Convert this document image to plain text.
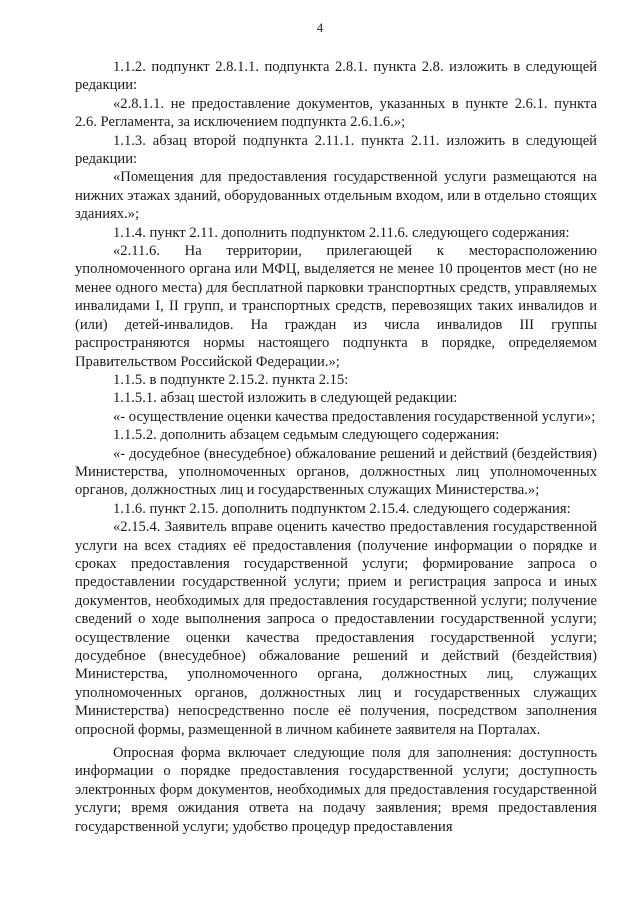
4

1.1.2. подпункт 2.8.1.1. подпункта 2.8.1. пункта 2.8. изложить в следующей редакции:

«2.8.1.1. не предоставление документов, указанных в пункте 2.6.1. пункта 2.6. Регламента, за исключением подпункта 2.6.1.6.»;

1.1.3. абзац второй подпункта 2.11.1. пункта 2.11. изложить в следующей редакции:

«Помещения для предоставления государственной услуги размещаются на нижних этажах зданий, оборудованных отдельным входом, или в отдельно стоящих зданиях.»;

1.1.4. пункт 2.11. дополнить подпунктом 2.11.6. следующего содержания:

«2.11.6. На территории, прилегающей к месторасположению уполномоченного органа или МФЦ, выделяется не менее 10 процентов мест (но не менее одного места) для бесплатной парковки транспортных средств, управляемых инвалидами I, II групп, и транспортных средств, перевозящих таких инвалидов и (или) детей-инвалидов. На граждан из числа инвалидов III группы распространяются нормы настоящего подпункта в порядке, определяемом Правительством Российской Федерации.»;

1.1.5. в подпункте 2.15.2. пункта 2.15:

1.1.5.1. абзац шестой изложить в следующей редакции:

«- осуществление оценки качества предоставления государственной услуги»;

1.1.5.2. дополнить абзацем седьмым следующего содержания:

«- досудебное (внесудебное) обжалование решений и действий (бездействия) Министерства, уполномоченных органов, должностных лиц уполномоченных органов, должностных лиц и государственных служащих Министерства.»;

1.1.6. пункт 2.15. дополнить подпунктом 2.15.4. следующего содержания:

«2.15.4. Заявитель вправе оценить качество предоставления государственной услуги на всех стадиях её предоставления (получение информации о порядке и сроках предоставления государственной услуги; формирование запроса о предоставлении государственной услуги; прием и регистрация запроса и иных документов, необходимых для предоставления государственной услуги; получение сведений о ходе выполнения запроса о предоставлении государственной услуги; осуществление оценки качества предоставления государственной услуги; досудебное (внесудебное) обжалование решений и действий (бездействия) Министерства, уполномоченного органа, должностных лиц, служащих уполномоченных органов, должностных лиц и государственных служащих Министерства) непосредственно после её получения, посредством заполнения опросной формы, размещенной в личном кабинете заявителя на Порталах.

Опросная форма включает следующие поля для заполнения: доступность информации о порядке предоставления государственной услуги; доступность электронных форм документов, необходимых для предоставления государственной услуги; время ожидания ответа на подачу заявления; время предоставления государственной услуги; удобство процедур предоставления
